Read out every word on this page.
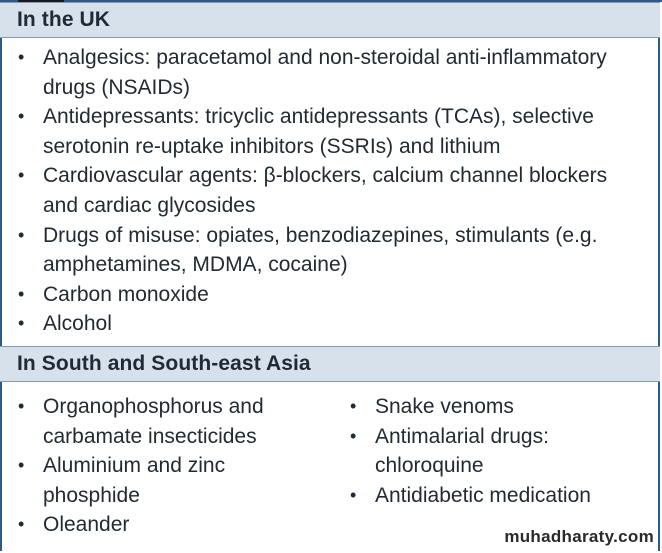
In the UK
• Analgesics: paracetamol and non-steroidal anti-inflammatory drugs (NSAIDs)
• Antidepressants: tricyclic antidepressants (TCAs), selective serotonin re-uptake inhibitors (SSRIs) and lithium
• Cardiovascular agents: β-blockers, calcium channel blockers and cardiac glycosides
• Drugs of misuse: opiates, benzodiazepines, stimulants (e.g. amphetamines, MDMA, cocaine)
• Carbon monoxide
• Alcohol
In South and South-east Asia
• Organophosphorus and carbamate insecticides
• Aluminium and zinc phosphide
• Oleander
• Snake venoms
• Antimalarial drugs: chloroquine
• Antidiabetic medication
muhadharaty.com
